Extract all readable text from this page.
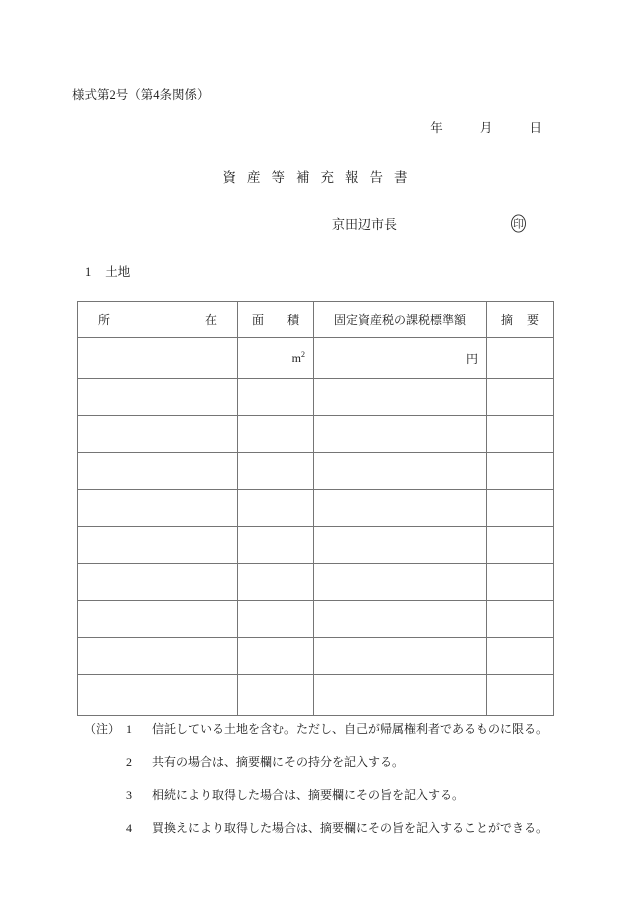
様式第2号（第4条関係）
年	月	日
資 産 等 補 充 報 告 書
京田辺市長	印
1 土地
所 在	面 積	固定資産税の課税標準額	摘 要

	$m^2$	円	

（注） 1	信託している土地を含む。ただし、自己が帰属権利者であるものに限る。
2	共有の場合は、摘要欄にその持分を記入する。
3	相続により取得した場合は、摘要欄にその旨を記入する。
4	買換えにより取得した場合は、摘要欄にその旨を記入することができる。
